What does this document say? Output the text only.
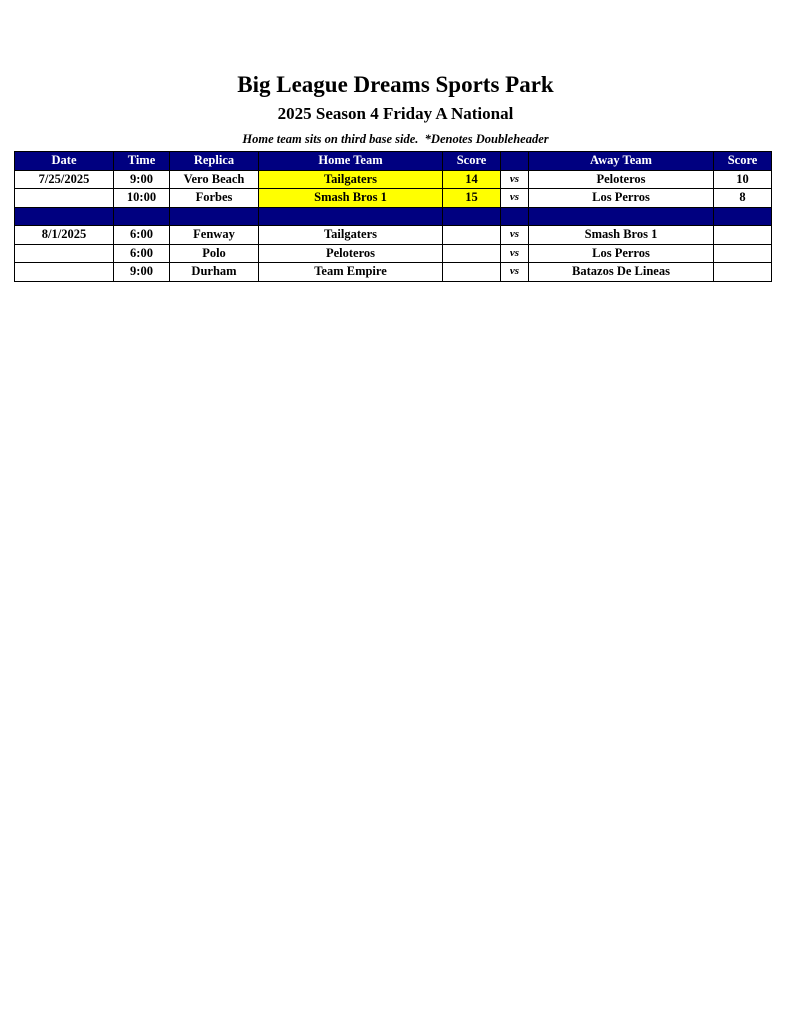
Big League Dreams Sports Park
2025 Season 4 Friday A National
Home team sits on third base side.  *Denotes Doubleheader
Date	Time	Replica	Home Team	Score		Away Team	Score
7/25/2025	9:00	Vero Beach	Tailgaters	14	vs	Peloteros	10
	10:00	Forbes	Smash Bros 1	15	vs	Los Perros	8

8/1/2025	6:00	Fenway	Tailgaters		vs	Smash Bros 1	
	6:00	Polo	Peloteros		vs	Los Perros	
	9:00	Durham	Team Empire		vs	Batazos De Lineas	
